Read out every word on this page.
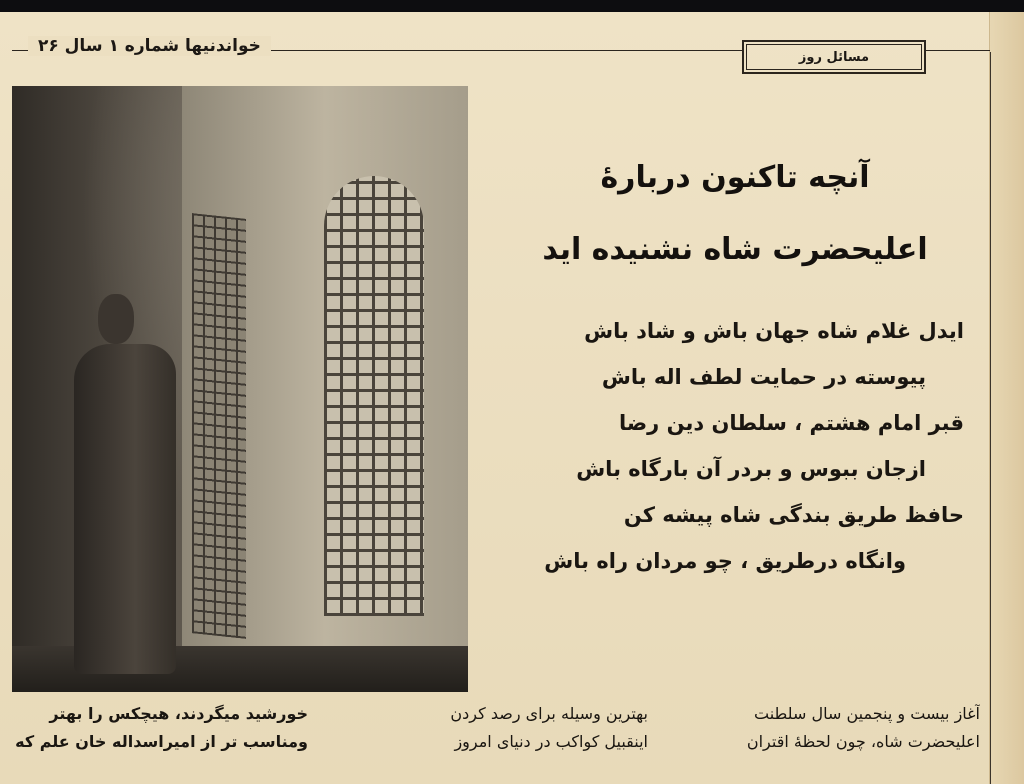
خواندنیها شماره ۱ سال ۲۶
مسائل روز
آنچه تاکنون دربارهٔ
اعلیحضرت شاه نشنیده اید
ایدل غلام شاه جهان باش و شاد باش
پیوسته در حمایت لطف اله باش
قبر امام هشتم ، سلطان دین رضا
ازجان ببوس و بردر آن بارگاه باش
حافظ طریق بندگی شاه پیشه کن
وانگاه درطریق ، چو مردان راه باش
خورشید میگردند، هیچکس را بهتر
ومناسب تر از امیراسداله خان علم که
بهترین وسیله برای رصد کردن
اینقبیل کواکب در دنیای امروز
آغاز بیست و پنجمین سال سلطنت
اعلیحضرت شاه، چون لحظهٔ اقتران
